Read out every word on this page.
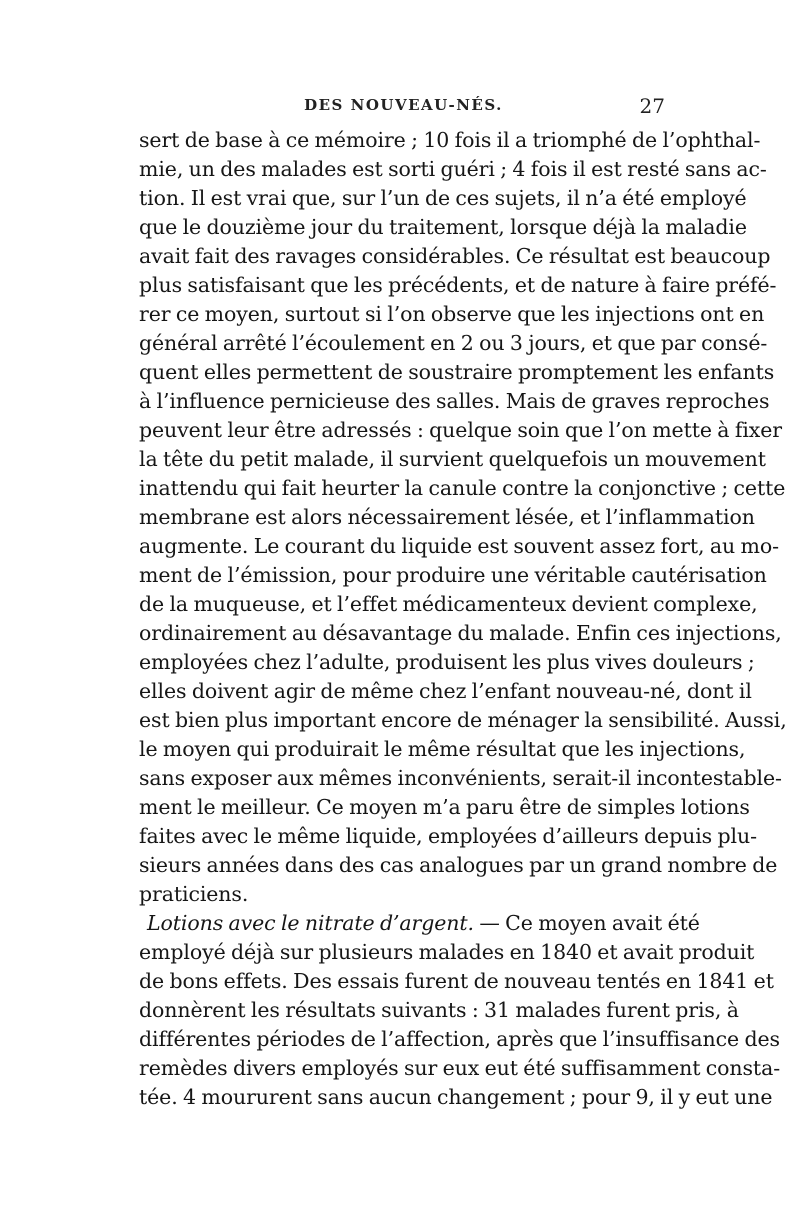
DES NOUVEAU-NÉS.	27
sert de base à ce mémoire ; 10 fois il a triomphé de l’ophthal-
mie, un des malades est sorti guéri ; 4 fois il est resté sans ac-
tion. Il est vrai que, sur l’un de ces sujets, il n’a été employé
que le douzième jour du traitement, lorsque déjà la maladie
avait fait des ravages considérables. Ce résultat est beaucoup
plus satisfaisant que les précédents, et de nature à faire préfé-
rer ce moyen, surtout si l’on observe que les injections ont en
général arrêté l’écoulement en 2 ou 3 jours, et que par consé-
quent elles permettent de soustraire promptement les enfants
à l’influence pernicieuse des salles. Mais de graves reproches
peuvent leur être adressés : quelque soin que l’on mette à fixer
la tête du petit malade, il survient quelquefois un mouvement
inattendu qui fait heurter la canule contre la conjonctive ; cette
membrane est alors nécessairement lésée, et l’inflammation
augmente. Le courant du liquide est souvent assez fort, au mo-
ment de l’émission, pour produire une véritable cautérisation
de la muqueuse, et l’effet médicamenteux devient complexe,
ordinairement au désavantage du malade. Enfin ces injections,
employées chez l’adulte, produisent les plus vives douleurs ;
elles doivent agir de même chez l’enfant nouveau-né, dont il
est bien plus important encore de ménager la sensibilité. Aussi,
le moyen qui produirait le même résultat que les injections,
sans exposer aux mêmes inconvénients, serait-il incontestable-
ment le meilleur. Ce moyen m’a paru être de simples lotions
faites avec le même liquide, employées d’ailleurs depuis plu-
sieurs années dans des cas analogues par un grand nombre de
praticiens.
Lotions avec le nitrate d’argent. — Ce moyen avait été
employé déjà sur plusieurs malades en 1840 et avait produit
de bons effets. Des essais furent de nouveau tentés en 1841 et
donnèrent les résultats suivants : 31 malades furent pris, à
différentes périodes de l’affection, après que l’insuffisance des
remèdes divers employés sur eux eut été suffisamment consta-
tée. 4 moururent sans aucun changement ; pour 9, il y eut une
